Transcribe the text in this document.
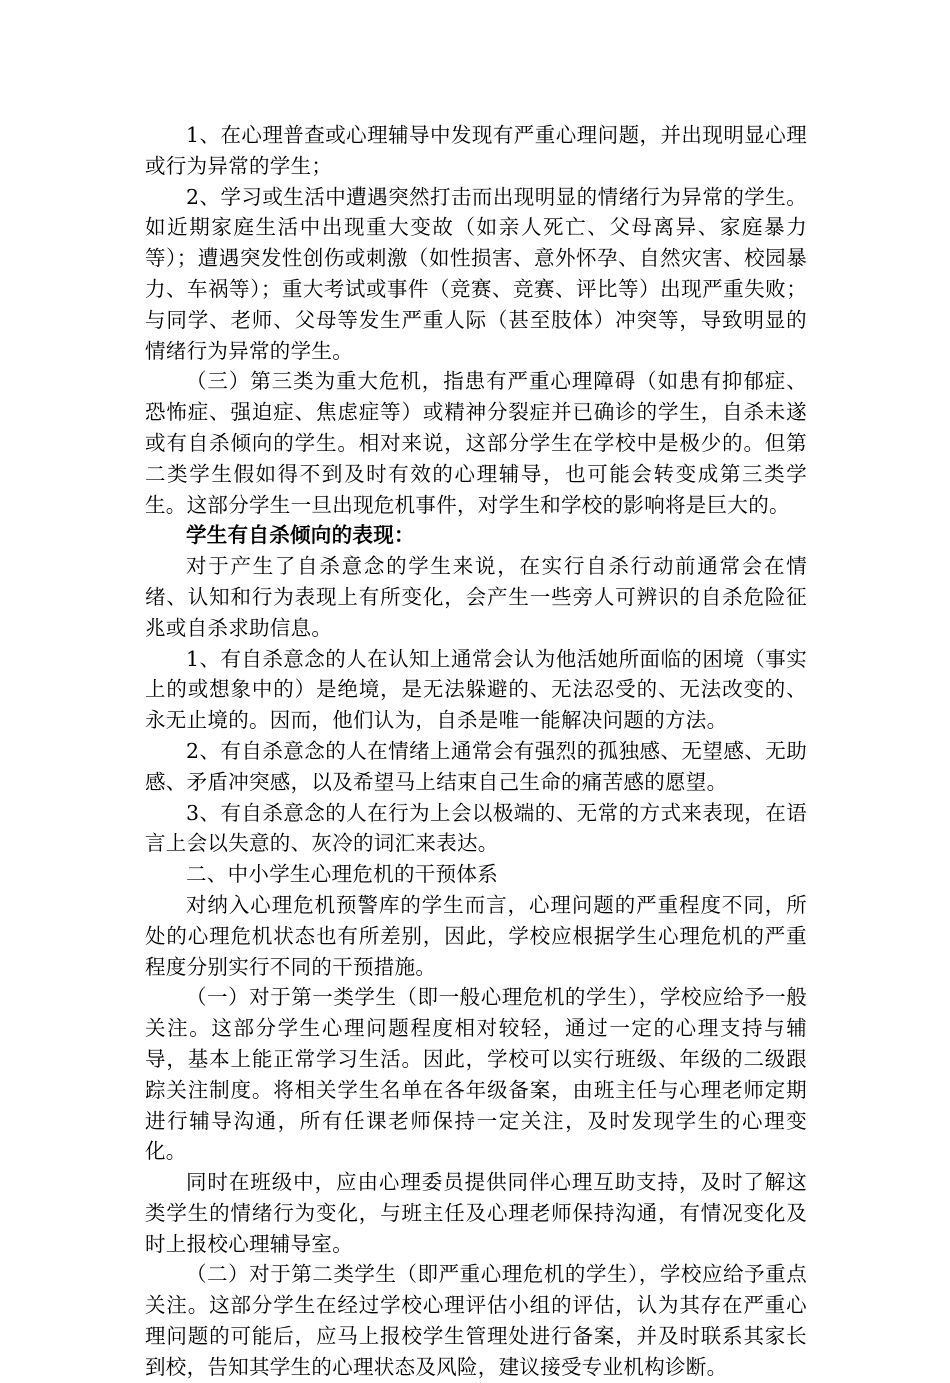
1、在心理普查或心理辅导中发现有严重心理问题，并出现明显心理或行为异常的学生；

2、学习或生活中遭遇突然打击而出现明显的情绪行为异常的学生。如近期家庭生活中出现重大变故（如亲人死亡、父母离异、家庭暴力等）；遭遇突发性创伤或刺激（如性损害、意外怀孕、自然灾害、校园暴力、车祸等）；重大考试或事件（竞赛、竞赛、评比等）出现严重失败；与同学、老师、父母等发生严重人际（甚至肢体）冲突等，导致明显的情绪行为异常的学生。

（三）第三类为重大危机，指患有严重心理障碍（如患有抑郁症、恐怖症、强迫症、焦虑症等）或精神分裂症并已确诊的学生，自杀未遂或有自杀倾向的学生。相对来说，这部分学生在学校中是极少的。但第二类学生假如得不到及时有效的心理辅导，也可能会转变成第三类学生。这部分学生一旦出现危机事件，对学生和学校的影响将是巨大的。

学生有自杀倾向的表现：

对于产生了自杀意念的学生来说，在实行自杀行动前通常会在情绪、认知和行为表现上有所变化，会产生一些旁人可辨识的自杀危险征兆或自杀求助信息。

1、有自杀意念的人在认知上通常会认为他活她所面临的困境（事实上的或想象中的）是绝境，是无法躲避的、无法忍受的、无法改变的、永无止境的。因而，他们认为，自杀是唯一能解决问题的方法。

2、有自杀意念的人在情绪上通常会有强烈的孤独感、无望感、无助感、矛盾冲突感，以及希望马上结束自己生命的痛苦感的愿望。

3、有自杀意念的人在行为上会以极端的、无常的方式来表现，在语言上会以失意的、灰冷的词汇来表达。

二、中小学生心理危机的干预体系

对纳入心理危机预警库的学生而言，心理问题的严重程度不同，所处的心理危机状态也有所差别，因此，学校应根据学生心理危机的严重程度分别实行不同的干预措施。

（一）对于第一类学生（即一般心理危机的学生），学校应给予一般关注。这部分学生心理问题程度相对较轻，通过一定的心理支持与辅导，基本上能正常学习生活。因此，学校可以实行班级、年级的二级跟踪关注制度。将相关学生名单在各年级备案，由班主任与心理老师定期进行辅导沟通，所有任课老师保持一定关注，及时发现学生的心理变化。

同时在班级中，应由心理委员提供同伴心理互助支持，及时了解这类学生的情绪行为变化，与班主任及心理老师保持沟通，有情况变化及时上报校心理辅导室。

（二）对于第二类学生（即严重心理危机的学生），学校应给予重点关注。这部分学生在经过学校心理评估小组的评估，认为其存在严重心理问题的可能后，应马上报校学生管理处进行备案，并及时联系其家长到校，告知其学生的心理状态及风险，建议接受专业机构诊断。
